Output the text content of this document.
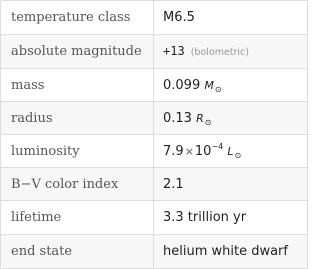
temperature class	M6.5
absolute magnitude	+13 (bolometric)
mass	0.099 $M_⊙$
radius	0.13 $R_⊙$
luminosity	$7.9\times 10^{-4}$ $L_⊙$
B−V color index	2.1
lifetime	3.3 trillion yr
end state	helium white dwarf
